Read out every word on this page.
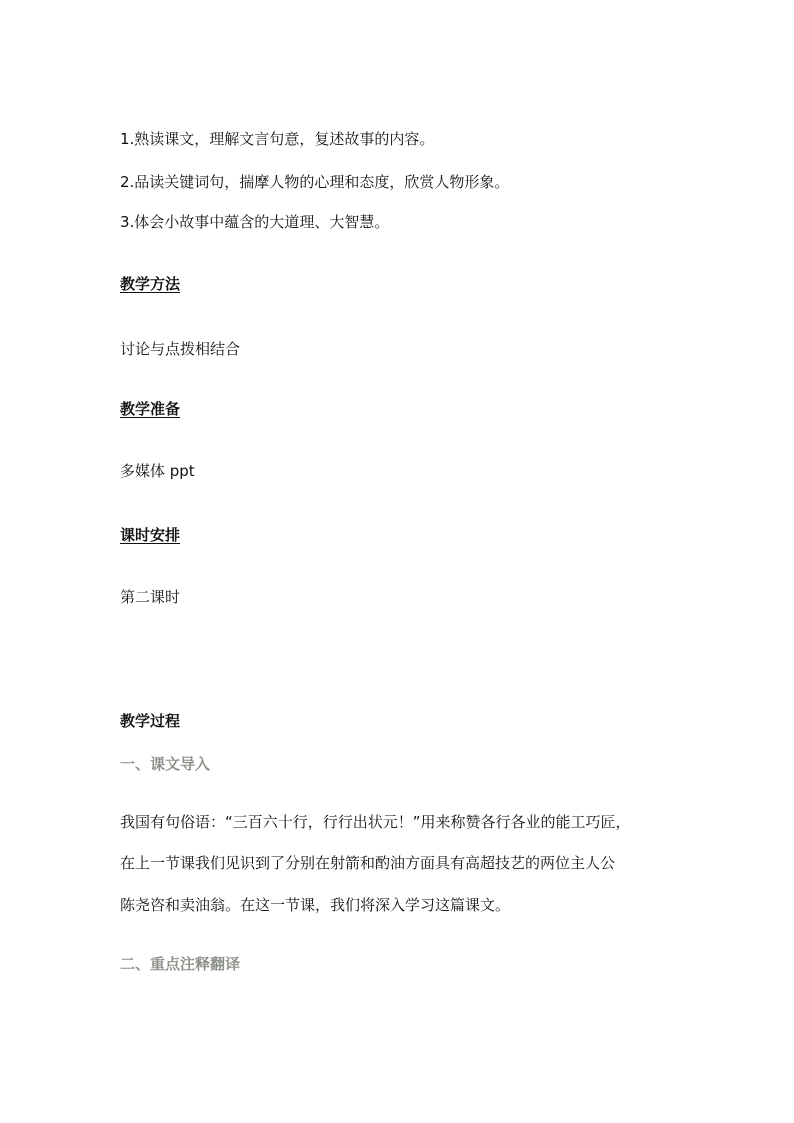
1.熟读课文，理解文言句意，复述故事的内容。

2.品读关键词句，揣摩人物的心理和态度，欣赏人物形象。

3.体会小故事中蕴含的大道理、大智慧。

教学方法

讨论与点拨相结合

教学准备

多媒体 ppt

课时安排

第二课时

教学过程

一、课文导入

我国有句俗语：“三百六十行，行行出状元！”用来称赞各行各业的能工巧匠，

在上一节课我们见识到了分别在射箭和酌油方面具有高超技艺的两位主人公

陈尧咨和卖油翁。在这一节课，我们将深入学习这篇课文。

二、重点注释翻译
